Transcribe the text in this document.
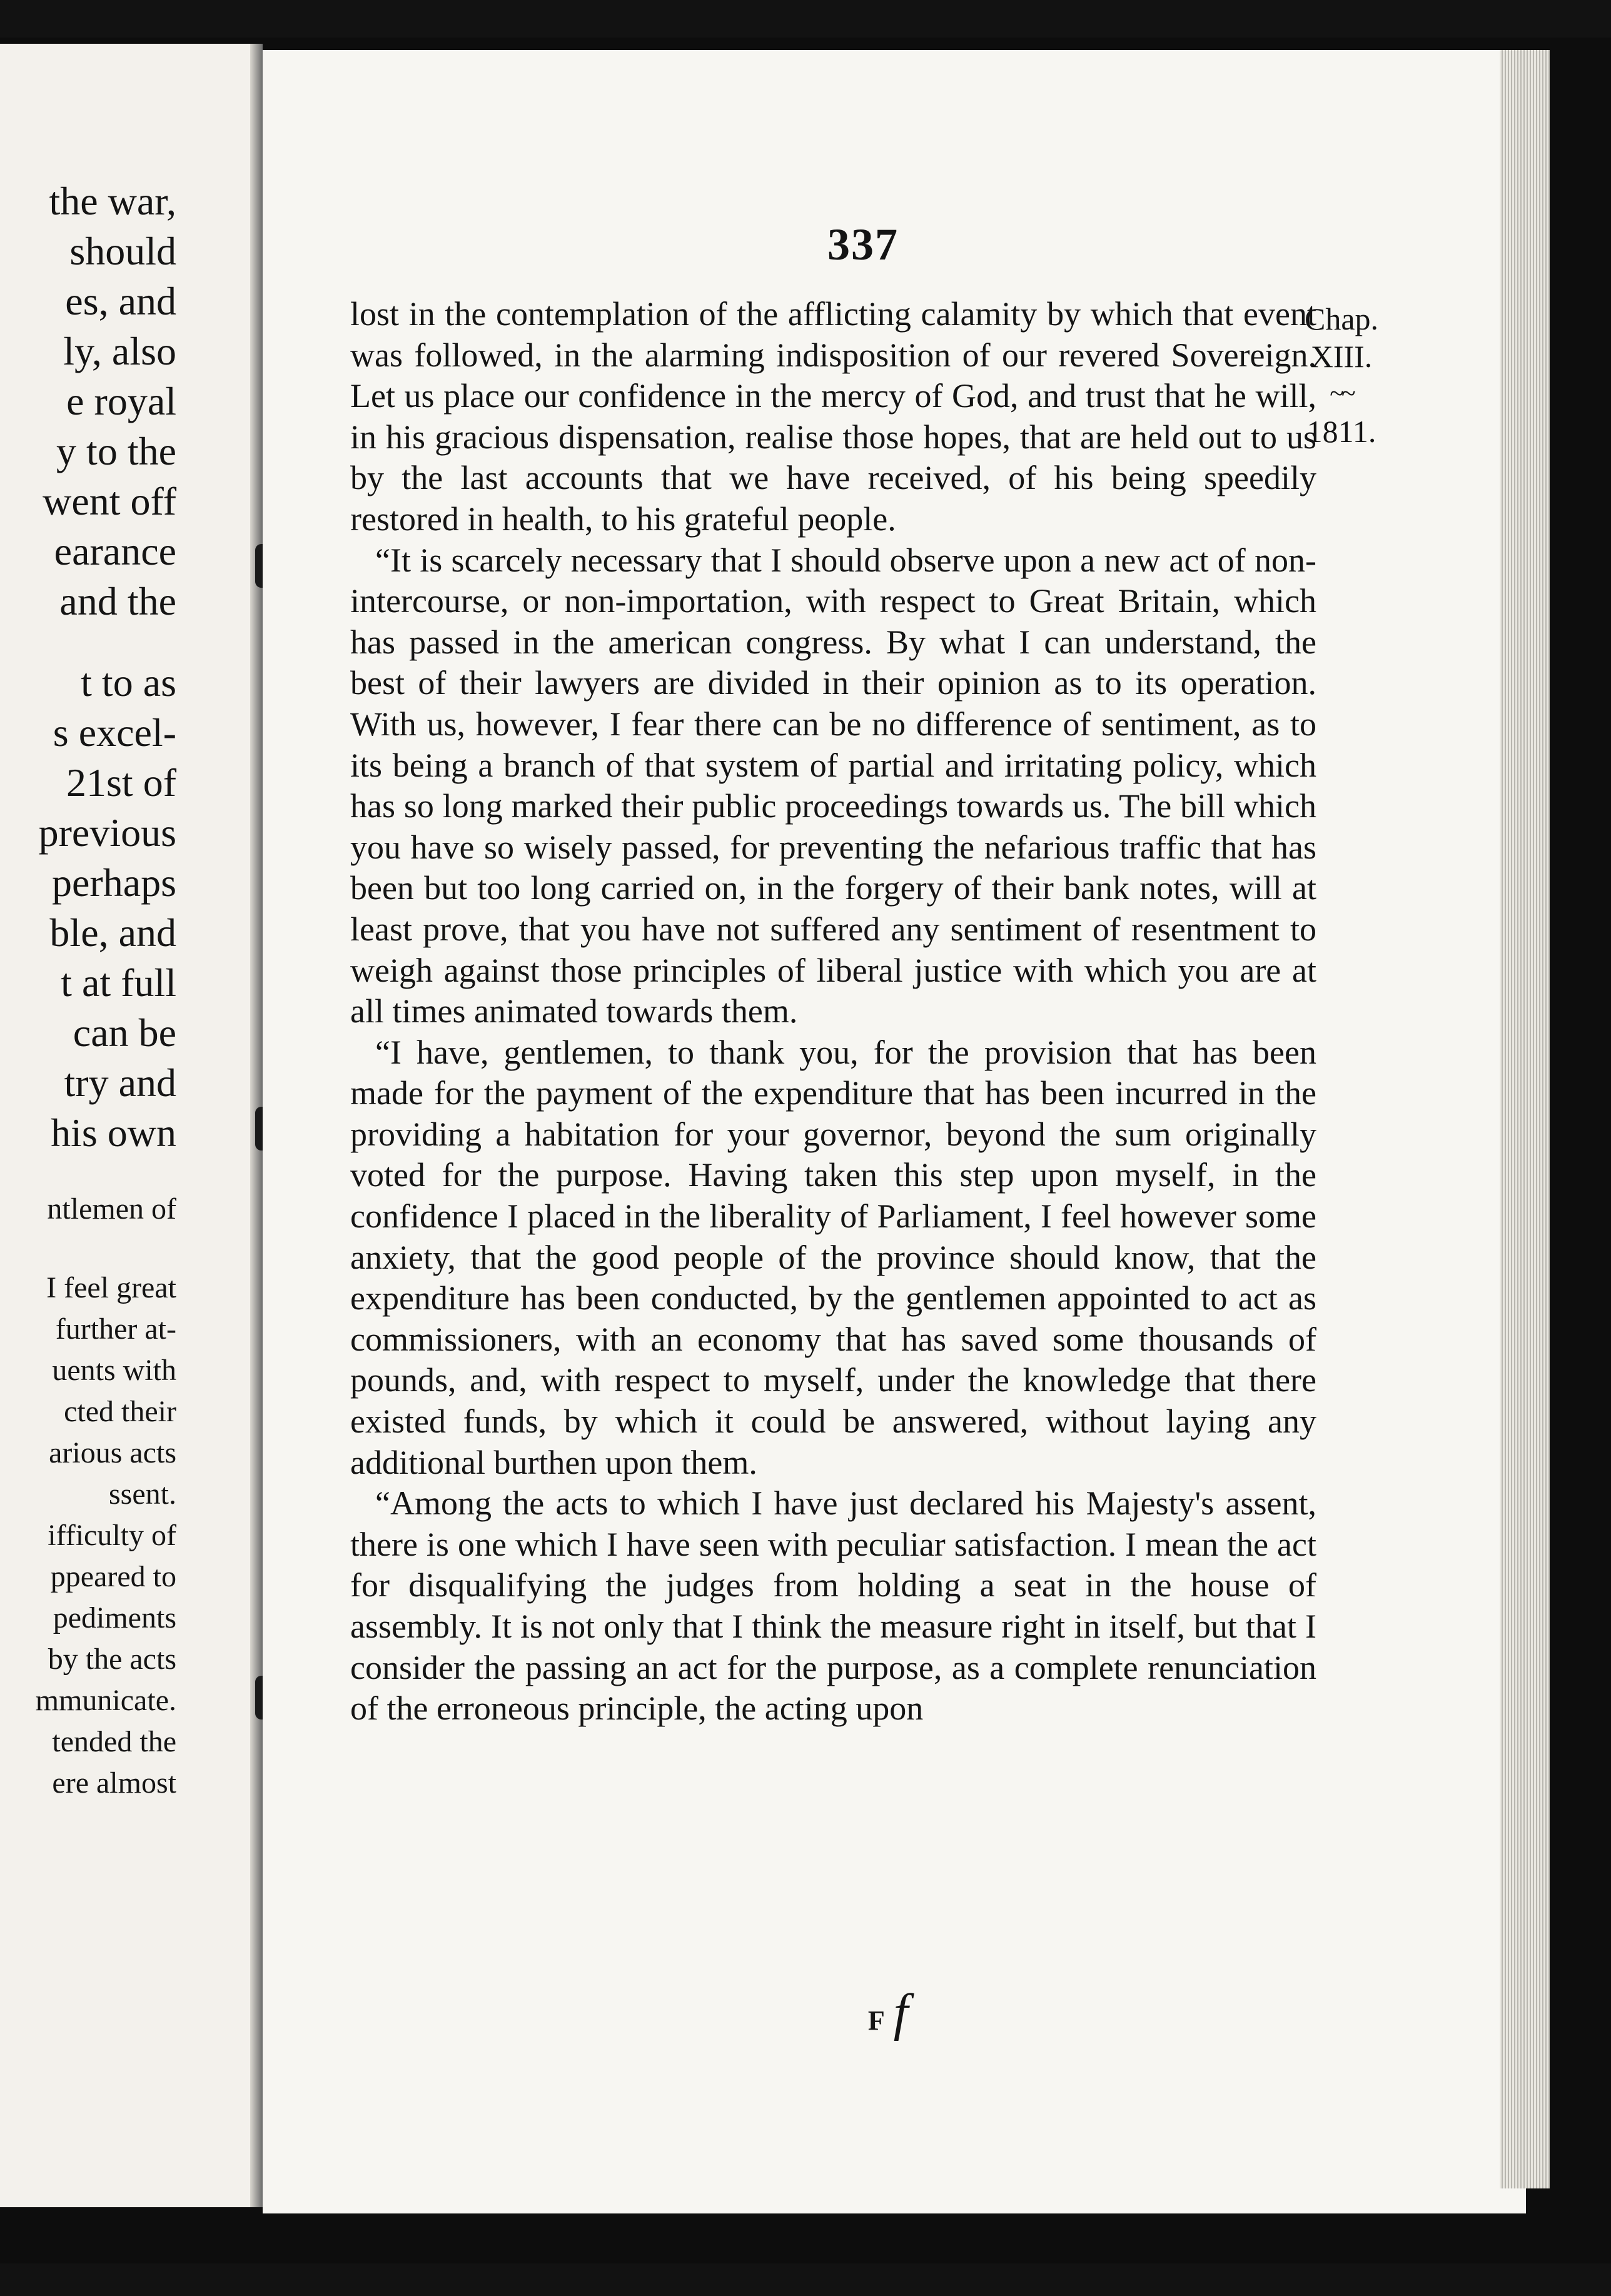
the war,
should
es, and
ly, also
e royal
y to the
went off
earance
and the
t to as
s excel-
21st of
previous
perhaps
ble, and
t at full
can be
try and
his own
ntlemen of
I feel great
further at-
uents with
cted their
arious acts
ssent.
ifficulty of
ppeared to
pediments
by the acts
mmunicate.
tended the
ere almost
337

lost in the contemplation of the afflicting calamity by which that event was followed, in the alarming indisposition of our revered Sovereign. Let us place our confidence in the mercy of God, and trust that he will, in his gracious dispensation, realise those hopes, that are held out to us by the last accounts that we have received, of his being speedily restored in health, to his grateful people.

“It is scarcely necessary that I should observe upon a new act of non-intercourse, or non-importation, with respect to Great Britain, which has passed in the american congress. By what I can understand, the best of their lawyers are divided in their opinion as to its operation. With us, however, I fear there can be no difference of sentiment, as to its being a branch of that system of partial and irritating policy, which has so long marked their public proceedings towards us. The bill which you have so wisely passed, for preventing the nefarious traffic that has been but too long carried on, in the forgery of their bank notes, will at least prove, that you have not suffered any sentiment of resentment to weigh against those principles of liberal justice with which you are at all times animated towards them.

“I have, gentlemen, to thank you, for the provision that has been made for the payment of the expenditure that has been incurred in the providing a habitation for your governor, beyond the sum originally voted for the purpose. Having taken this step upon myself, in the confidence I placed in the liberality of Parliament, I feel however some anxiety, that the good people of the province should know, that the expenditure has been conducted, by the gentlemen appointed to act as commissioners, with an economy that has saved some thousands of pounds, and, with respect to myself, under the knowledge that there existed funds, by which it could be answered, without laying any additional burthen upon them.

“Among the acts to which I have just declared his Majesty's assent, there is one which I have seen with peculiar satisfaction. I mean the act for disqualifying the judges from holding a seat in the house of assembly. It is not only that I think the measure right in itself, but that I consider the passing an act for the purpose, as a complete renunciation of the erroneous principle, the acting upon

Chap.
XIII.
~~
1811.
F f
